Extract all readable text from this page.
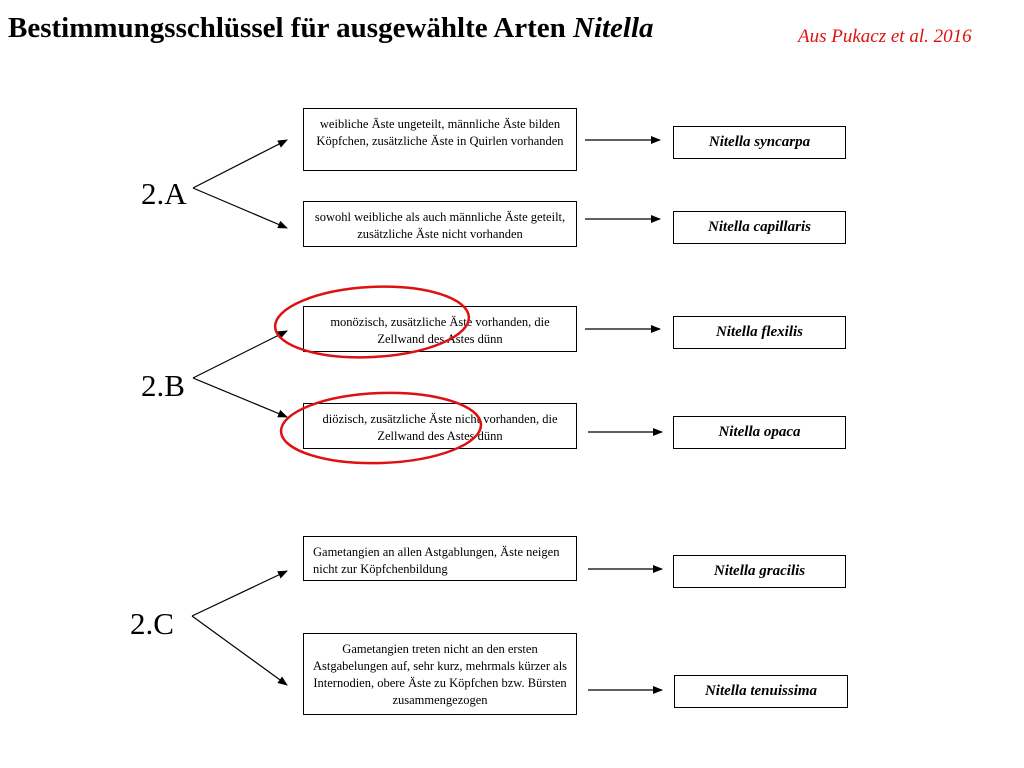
Bestimmungsschlüssel für ausgewählte Arten Nitella	Aus Pukacz et al. 2016
2.A
2.B
2.C
weibliche Äste ungeteilt, männliche Äste bilden Köpfchen, zusätzliche Äste in Quirlen vorhanden
sowohl weibliche als auch männliche Äste geteilt, zusätzliche Äste nicht vorhanden
monözisch, zusätzliche Äste vorhanden, die Zellwand des Astes dünn
diözisch, zusätzliche Äste nicht vorhanden, die Zellwand des Astes dünn
Gametangien an allen Astgablungen, Äste neigen nicht zur Köpfchenbildung
Gametangien treten nicht an den ersten Astgabelungen auf, sehr kurz, mehrmals kürzer als Internodien, obere Äste zu Köpfchen bzw. Bürsten zusammengezogen
Nitella syncarpa
Nitella capillaris
Nitella flexilis
Nitella opaca
Nitella gracilis
Nitella tenuissima
